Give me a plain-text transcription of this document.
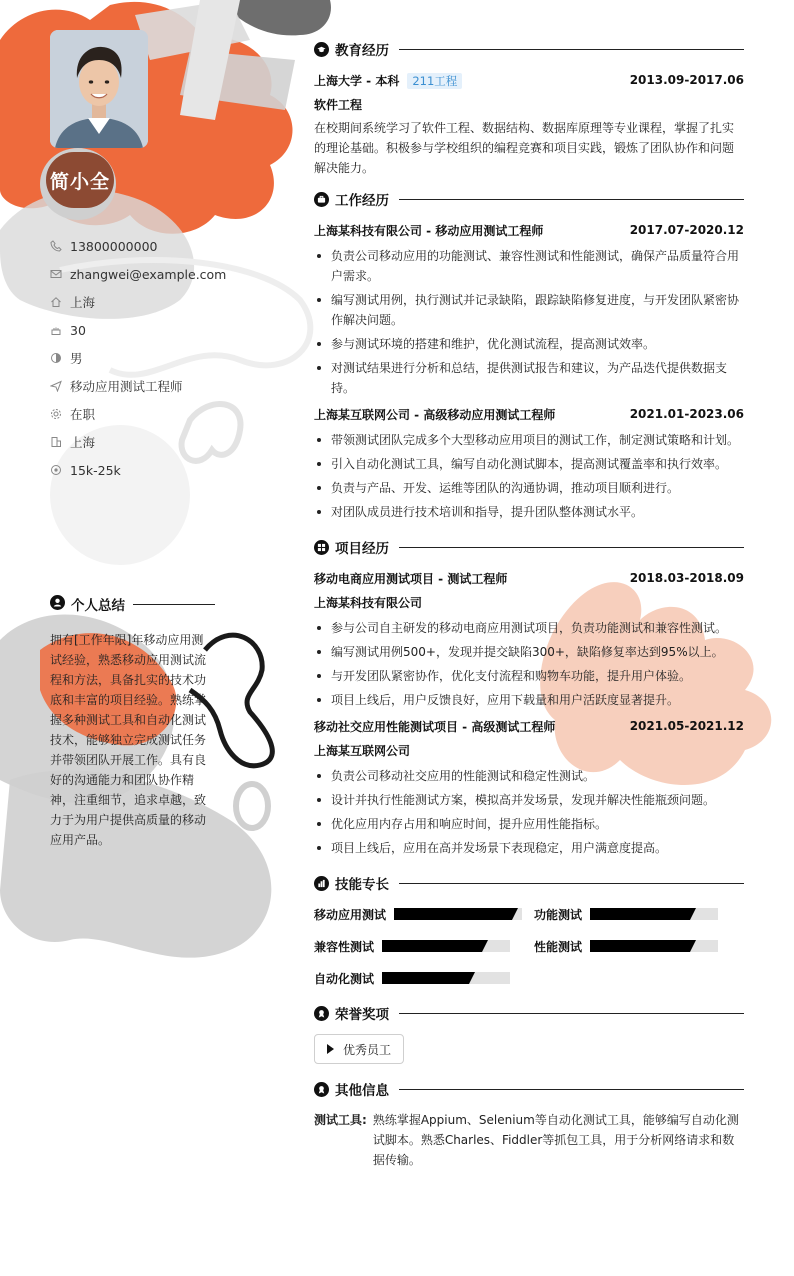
简小全
13800000000
zhangwei@example.com
上海
30
男
移动应用测试工程师
在职
上海
15k-25k
个人总结
拥有[工作年限]年移动应用测试经验，熟悉移动应用测试流程和方法，具备扎实的技术功底和丰富的项目经验。熟练掌握多种测试工具和自动化测试技术，能够独立完成测试任务并带领团队开展工作。具有良好的沟通能力和团队协作精神，注重细节，追求卓越，致力于为用户提供高质量的移动应用产品。
教育经历
上海大学 - 本科 211工程	2013.09-2017.06
软件工程
在校期间系统学习了软件工程、数据结构、数据库原理等专业课程，掌握了扎实的理论基础。积极参与学校组织的编程竞赛和项目实践，锻炼了团队协作和问题解决能力。
工作经历
上海某科技有限公司 - 移动应用测试工程师	2017.07-2020.12
负责公司移动应用的功能测试、兼容性测试和性能测试，确保产品质量符合用户需求。
编写测试用例，执行测试并记录缺陷，跟踪缺陷修复进度，与开发团队紧密协作解决问题。
参与测试环境的搭建和维护，优化测试流程，提高测试效率。
对测试结果进行分析和总结，提供测试报告和建议，为产品迭代提供数据支持。
上海某互联网公司 - 高级移动应用测试工程师	2021.01-2023.06
带领测试团队完成多个大型移动应用项目的测试工作，制定测试策略和计划。
引入自动化测试工具，编写自动化测试脚本，提高测试覆盖率和执行效率。
负责与产品、开发、运维等团队的沟通协调，推动项目顺利进行。
对团队成员进行技术培训和指导，提升团队整体测试水平。
项目经历
移动电商应用测试项目 - 测试工程师	2018.03-2018.09
上海某科技有限公司
参与公司自主研发的移动电商应用测试项目，负责功能测试和兼容性测试。
编写测试用例500+，发现并提交缺陷300+，缺陷修复率达到95%以上。
与开发团队紧密协作，优化支付流程和购物车功能，提升用户体验。
项目上线后，用户反馈良好，应用下载量和用户活跃度显著提升。
移动社交应用性能测试项目 - 高级测试工程师	2021.05-2021.12
上海某互联网公司
负责公司移动社交应用的性能测试和稳定性测试。
设计并执行性能测试方案，模拟高并发场景，发现并解决性能瓶颈问题。
优化应用内存占用和响应时间，提升应用性能指标。
项目上线后，应用在高并发场景下表现稳定，用户满意度提高。
技能专长
移动应用测试	功能测试
兼容性测试	性能测试
自动化测试
荣誉奖项
优秀员工
其他信息
测试工具: 熟练掌握Appium、Selenium等自动化测试工具，能够编写自动化测试脚本。熟悉Charles、Fiddler等抓包工具，用于分析网络请求和数据传输。
